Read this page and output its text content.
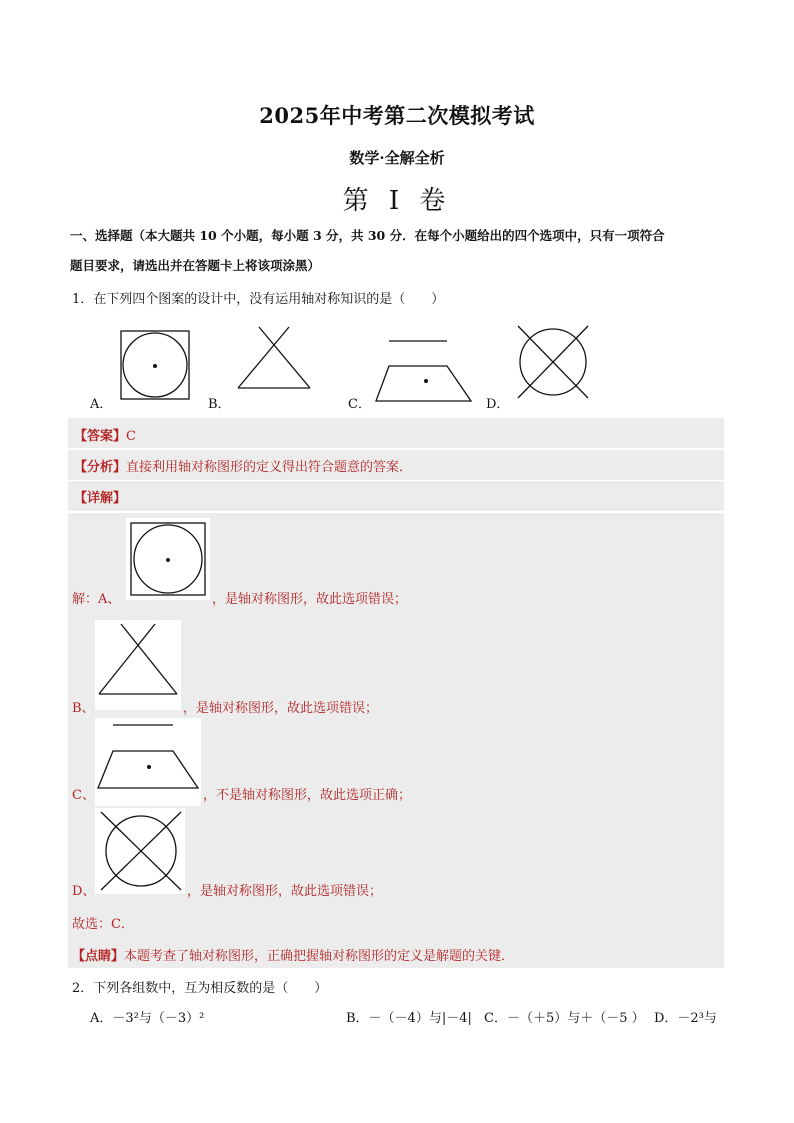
2025年中考第二次模拟考试
数学·全解全析
第 I 卷
一、选择题（本大题共 10 个小题，每小题 3 分，共 30 分．在每个小题给出的四个选项中，只有一项符合
题目要求，请选出并在答题卡上将该项涂黑）
1．在下列四个图案的设计中，没有运用轴对称知识的是（　　）
A．	B．	C．	D．
【答案】C
【分析】直接利用轴对称图形的定义得出符合题意的答案．
【详解】
解：A、	，是轴对称图形，故此选项错误；
B、	，是轴对称图形，故此选项错误；
C、	，不是轴对称图形，故此选项正确；
D、	，是轴对称图形，故此选项错误；
故选：C．
【点睛】本题考查了轴对称图形，正确把握轴对称图形的定义是解题的关键．
2．下列各组数中，互为相反数的是（　　）
A．－3²与（－3）²	B．－（－4）与|－4| C．－（＋5）与＋（－5 ） D．－2³与
